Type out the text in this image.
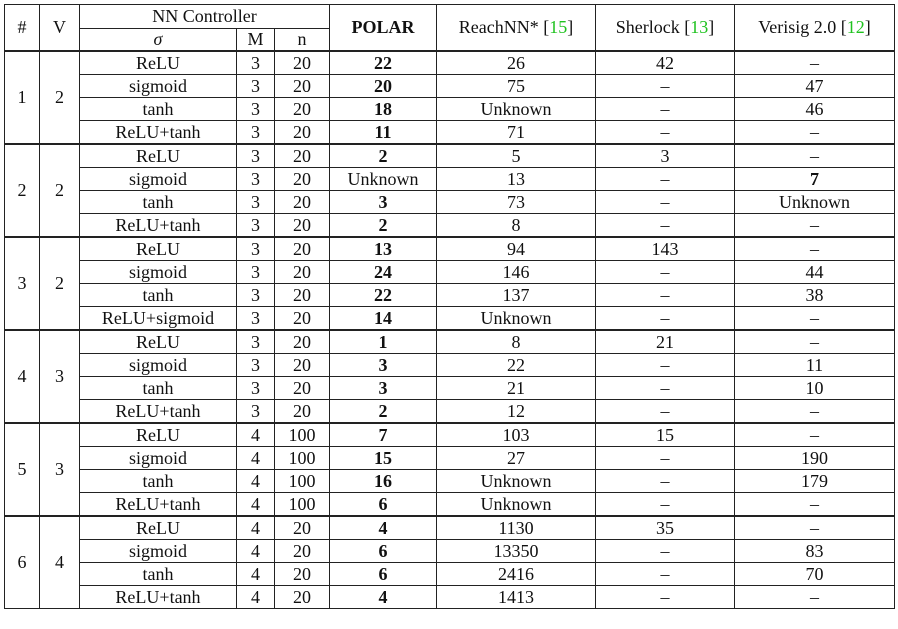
#	V	NN Controller			POLAR	ReachNN* [15]	Sherlock [13]	Verisig 2.0 [12]
		σ	M	n				
1	2	ReLU	3	20	22	26	42	–
		sigmoid	3	20	20	75	–	47
		tanh	3	20	18	Unknown	–	46
		ReLU+tanh	3	20	11	71	–	–
2	2	ReLU	3	20	2	5	3	–
		sigmoid	3	20	Unknown	13	–	7
		tanh	3	20	3	73	–	Unknown
		ReLU+tanh	3	20	2	8	–	–
3	2	ReLU	3	20	13	94	143	–
		sigmoid	3	20	24	146	–	44
		tanh	3	20	22	137	–	38
		ReLU+sigmoid	3	20	14	Unknown	–	–
4	3	ReLU	3	20	1	8	21	–
		sigmoid	3	20	3	22	–	11
		tanh	3	20	3	21	–	10
		ReLU+tanh	3	20	2	12	–	–
5	3	ReLU	4	100	7	103	15	–
		sigmoid	4	100	15	27	–	190
		tanh	4	100	16	Unknown	–	179
		ReLU+tanh	4	100	6	Unknown	–	–
6	4	ReLU	4	20	4	1130	35	–
		sigmoid	4	20	6	13350	–	83
		tanh	4	20	6	2416	–	70
		ReLU+tanh	4	20	4	1413	–	–
